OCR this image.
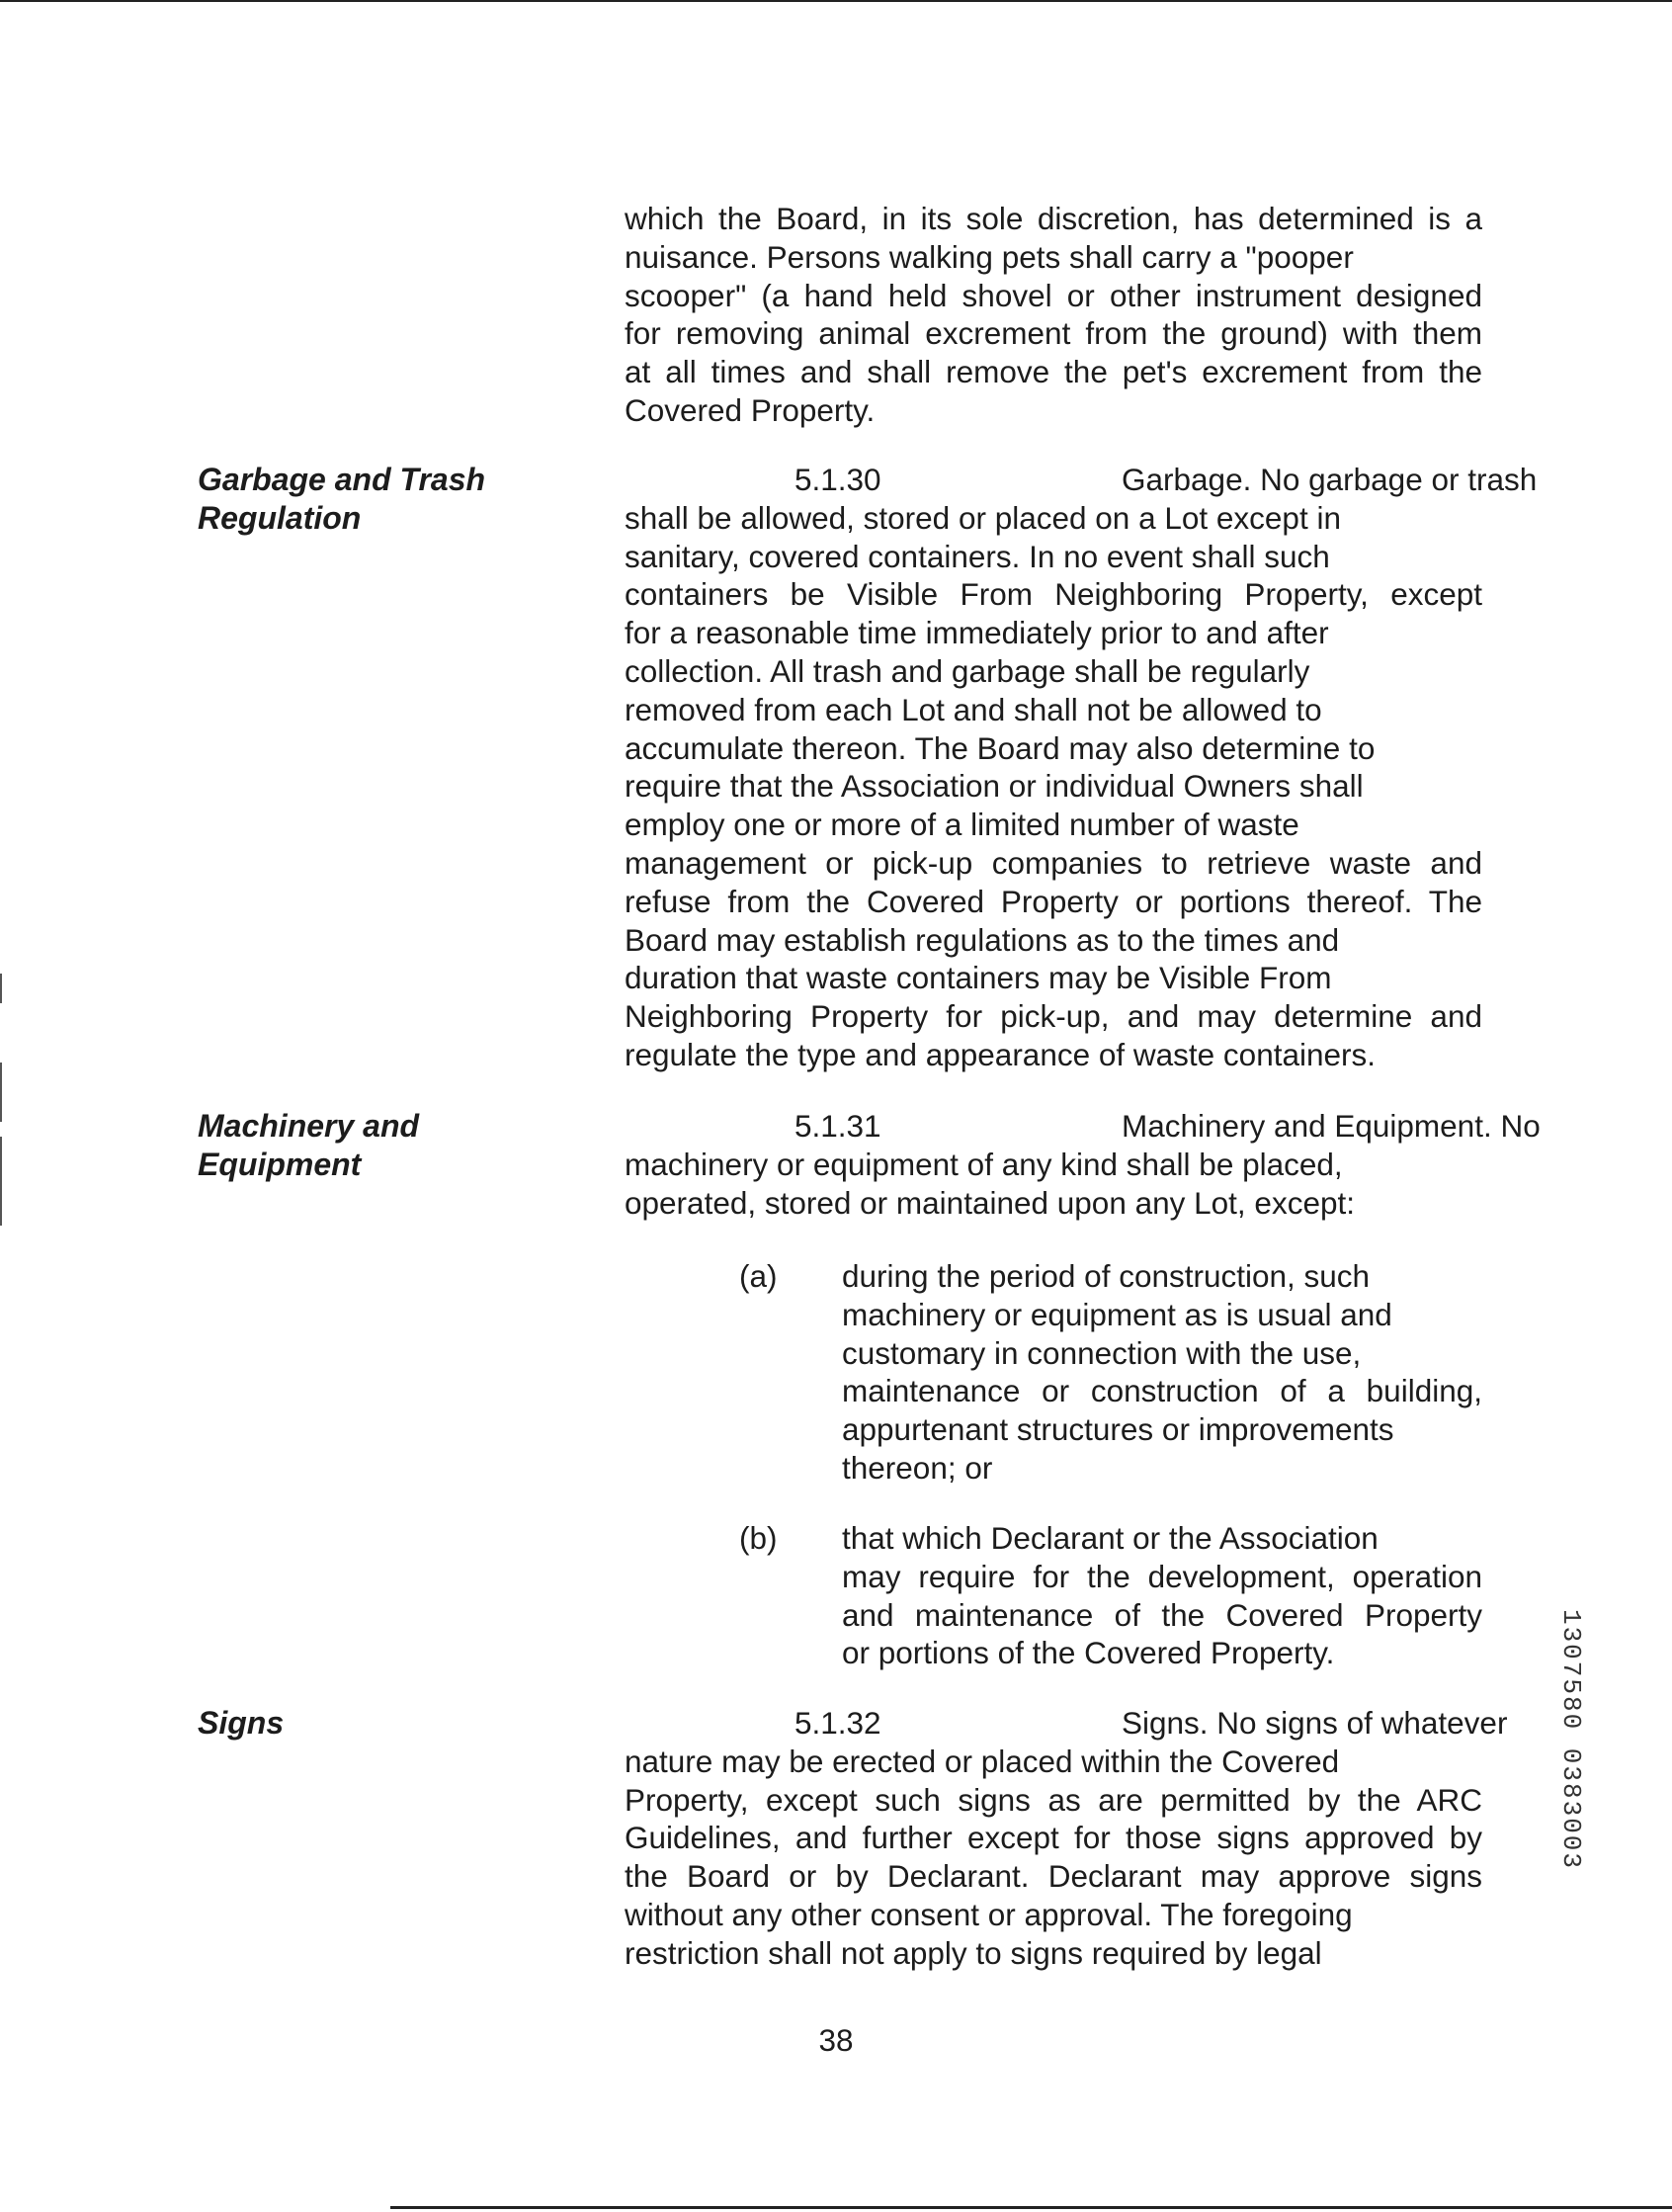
which the Board, in its sole discretion, has determined is a
nuisance. Persons walking pets shall carry a "pooper
scooper" (a hand held shovel or other instrument designed
for removing animal excrement from the ground) with them
at all times and shall remove the pet's excrement from the
Covered Property.
Garbage and Trash
Regulation
5.1.30	Garbage. No garbage or trash
shall be allowed, stored or placed on a Lot except in
sanitary, covered containers. In no event shall such
containers be Visible From Neighboring Property, except
for a reasonable time immediately prior to and after
collection. All trash and garbage shall be regularly
removed from each Lot and shall not be allowed to
accumulate thereon. The Board may also determine to
require that the Association or individual Owners shall
employ one or more of a limited number of waste
management or pick-up companies to retrieve waste and
refuse from the Covered Property or portions thereof. The
Board may establish regulations as to the times and
duration that waste containers may be Visible From
Neighboring Property for pick-up, and may determine and
regulate the type and appearance of waste containers.
Machinery and
Equipment
5.1.31	Machinery and Equipment. No
machinery or equipment of any kind shall be placed,
operated, stored or maintained upon any Lot, except:
(a) during the period of construction, such
machinery or equipment as is usual and
customary in connection with the use,
maintenance or construction of a building,
appurtenant structures or improvements
thereon; or
(b) that which Declarant or the Association
may require for the development, operation
and maintenance of the Covered Property
or portions of the Covered Property.
Signs	5.1.32	Signs. No signs of whatever
nature may be erected or placed within the Covered
Property, except such signs as are permitted by the ARC
Guidelines, and further except for those signs approved by
the Board or by Declarant. Declarant may approve signs
without any other consent or approval. The foregoing
restriction shall not apply to signs required by legal
38
1307580 0383003
